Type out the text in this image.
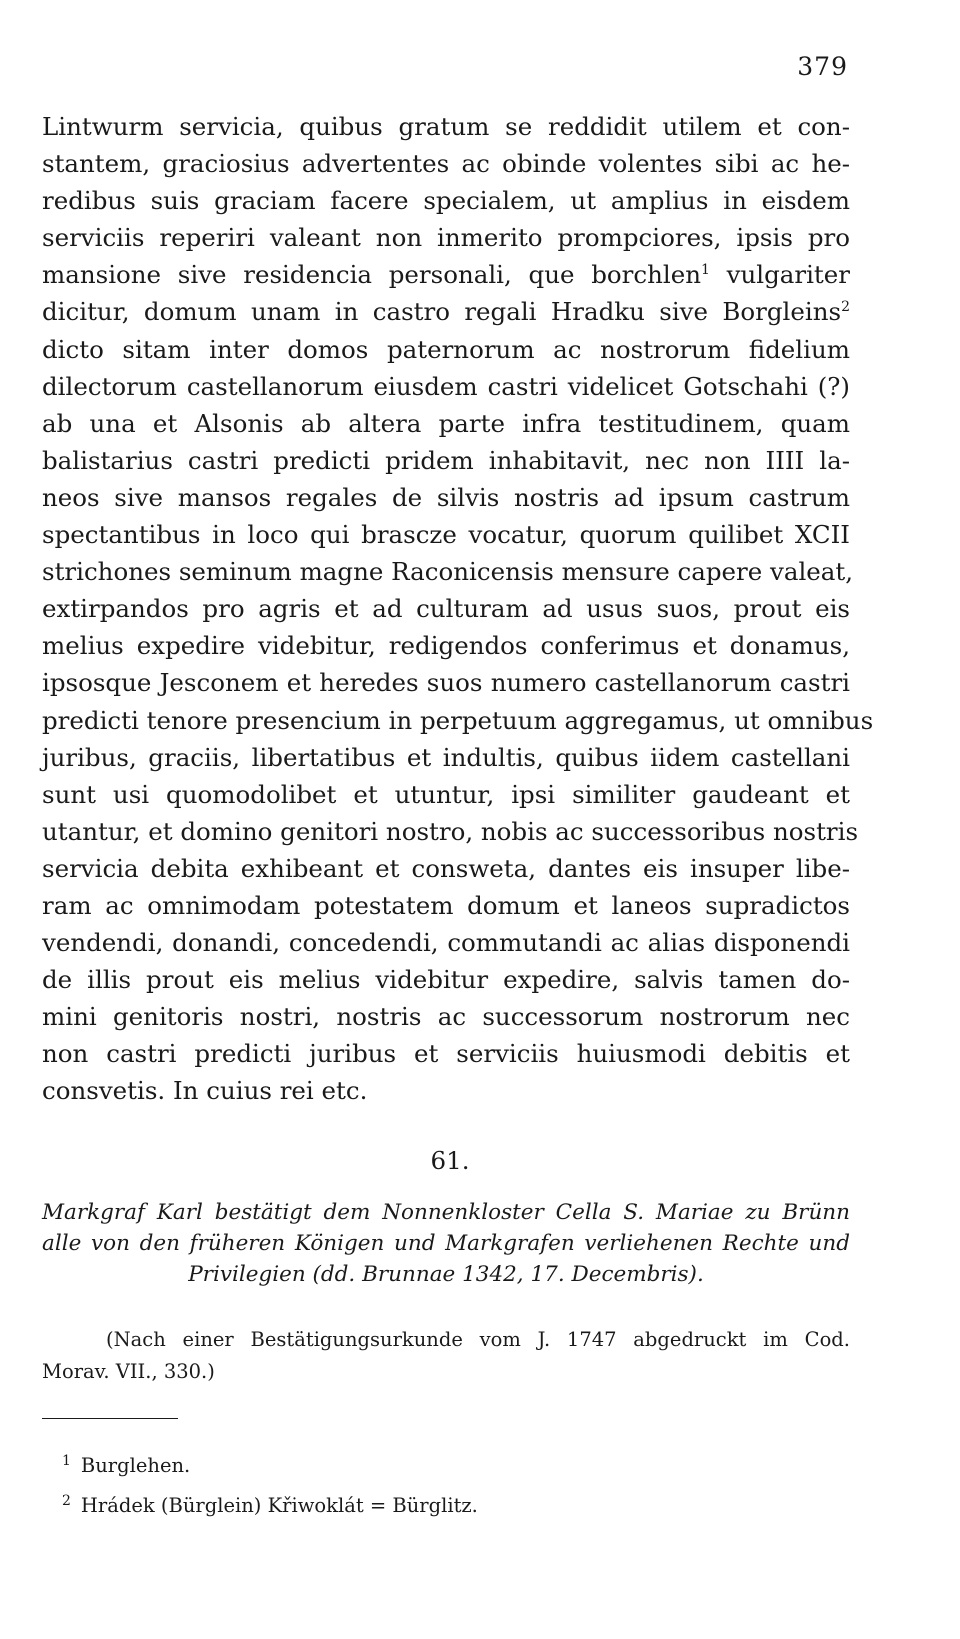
379
Lintwurm servicia, quibus gratum se reddidit utilem et con-
stantem, graciosius advertentes ac obinde volentes sibi ac he-
redibus suis graciam facere specialem, ut amplius in eisdem
serviciis reperiri valeant non inmerito prompciores, ipsis pro
mansione sive residencia personali, que borchlen$^1$ vulgariter
dicitur, domum unam in castro regali Hradku sive Borgleins$^2$
dicto sitam inter domos paternorum ac nostrorum fidelium
dilectorum castellanorum eiusdem castri videlicet Gotschahi (?)
ab una et Alsonis ab altera parte infra testitudinem, quam
balistarius castri predicti pridem inhabitavit, nec non IIII la-
neos sive mansos regales de silvis nostris ad ipsum castrum
spectantibus in loco qui brascze vocatur, quorum quilibet XCII
strichones seminum magne Raconicensis mensure capere valeat,
extirpandos pro agris et ad culturam ad usus suos, prout eis
melius expedire videbitur, redigendos conferimus et donamus,
ipsosque Jesconem et heredes suos numero castellanorum castri
predicti tenore presencium in perpetuum aggregamus, ut omnibus
juribus, graciis, libertatibus et indultis, quibus iidem castellani
sunt usi quomodolibet et utuntur, ipsi similiter gaudeant et
utantur, et domino genitori nostro, nobis ac successoribus nostris
servicia debita exhibeant et consweta, dantes eis insuper libe-
ram ac omnimodam potestatem domum et laneos supradictos
vendendi, donandi, concedendi, commutandi ac alias disponendi
de illis prout eis melius videbitur expedire, salvis tamen do-
mini genitoris nostri, nostris ac successorum nostrorum nec
non castri predicti juribus et serviciis huiusmodi debitis et
consvetis. In cuius rei etc.
61.
Markgraf Karl bestätigt dem Nonnenkloster Cella S. Mariae zu Brünn
alle von den früheren Königen und Markgrafen verliehenen Rechte und
Privilegien (dd. Brunnae 1342, 17. Decembris).
(Nach einer Bestätigungsurkunde vom J. 1747 abgedruckt im Cod.
Morav. VII., 330.)
$^1$ Burglehen.
$^2$ Hrádek (Bürglein) Křiwoklát = Bürglitz.
